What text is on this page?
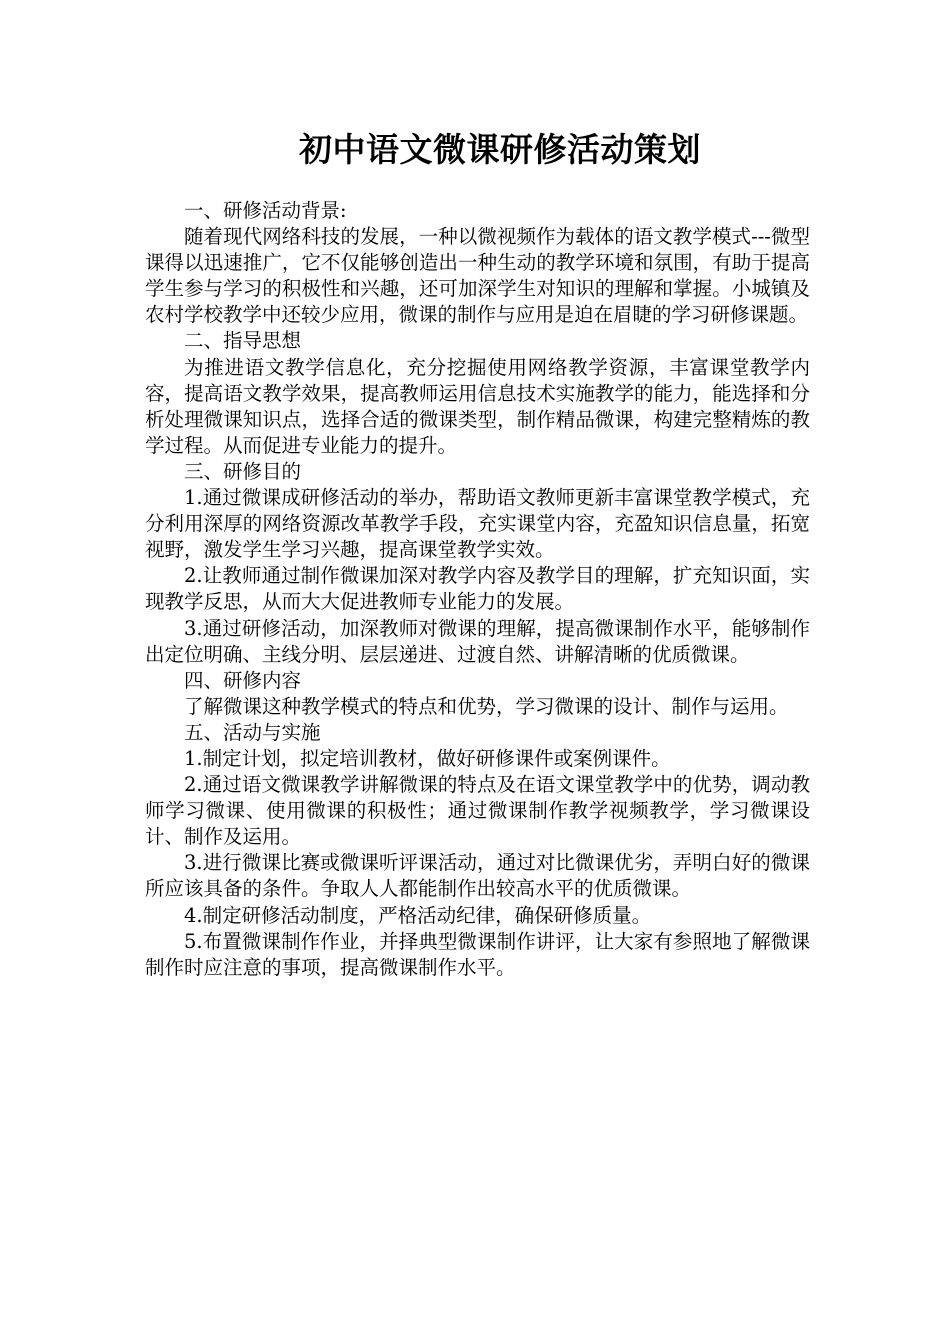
初中语文微课研修活动策划

一、研修活动背景:

随着现代网络科技的发展，一种以微视频作为载体的语文教学模式---微型课得以迅速推广，它不仅能够创造出一种生动的教学环境和氛围，有助于提高学生参与学习的积极性和兴趣，还可加深学生对知识的理解和掌握。小城镇及农村学校教学中还较少应用，微课的制作与应用是迫在眉睫的学习研修课题。

二、指导思想

为推进语文教学信息化，充分挖掘使用网络教学资源，丰富课堂教学内容，提高语文教学效果，提高教师运用信息技术实施教学的能力，能选择和分析处理微课知识点，选择合适的微课类型，制作精品微课，构建完整精炼的教学过程。从而促进专业能力的提升。

三、研修目的

1.通过微课成研修活动的举办，帮助语文教师更新丰富课堂教学模式，充分利用深厚的网络资源改革教学手段，充实课堂内容，充盈知识信息量，拓宽视野，激发学生学习兴趣，提高课堂教学实效。

2.让教师通过制作微课加深对教学内容及教学目的理解，扩充知识面，实现教学反思，从而大大促进教师专业能力的发展。

3.通过研修活动，加深教师对微课的理解，提高微课制作水平，能够制作出定位明确、主线分明、层层递进、过渡自然、讲解清晰的优质微课。

四、研修内容

了解微课这种教学模式的特点和优势，学习微课的设计、制作与运用。

五、活动与实施

1.制定计划，拟定培训教材，做好研修课件或案例课件。

2.通过语文微课教学讲解微课的特点及在语文课堂教学中的优势，调动教师学习微课、使用微课的积极性；通过微课制作教学视频教学，学习微课设计、制作及运用。

3.进行微课比赛或微课听评课活动，通过对比微课优劣，弄明白好的微课所应该具备的条件。争取人人都能制作出较高水平的优质微课。

4.制定研修活动制度，严格活动纪律，确保研修质量。

5.布置微课制作作业，并择典型微课制作讲评，让大家有参照地了解微课制作时应注意的事项，提高微课制作水平。
